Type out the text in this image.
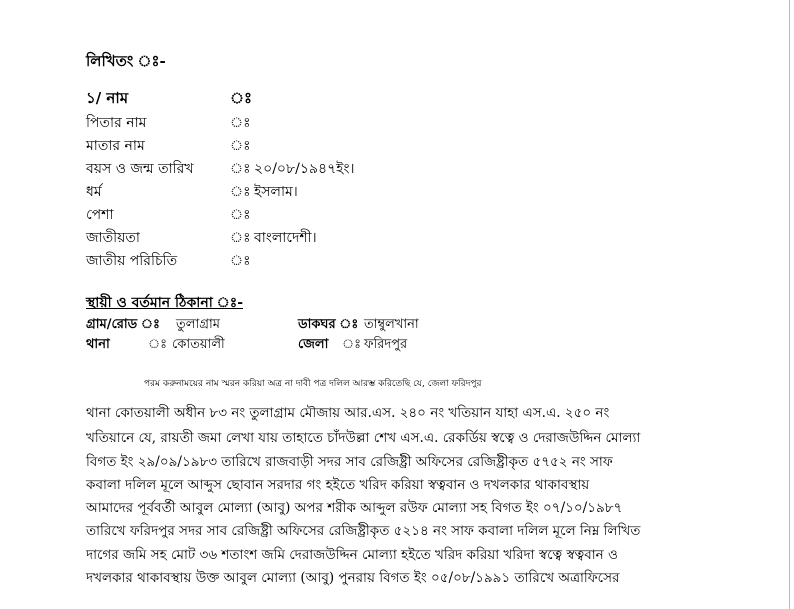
লিখিতং ঃ-
১/ নাম	ঃ
পিতার নাম	ঃ
মাতার নাম	ঃ
বয়স ও জন্ম তারিখ	ঃ ২০/০৮/১৯৪৭ইং।
ধর্ম	ঃ ইসলাম।
পেশা	ঃ
জাতীয়তা	ঃ বাংলাদেশী।
জাতীয় পরিচিতি	ঃ
স্থায়ী ও বর্তমান ঠিকানা ঃ-
গ্রাম/রোড ঃ তুলাগ্রাম	ডাকঘর ঃ তাম্বুলখানা
থানা	ঃ কোতয়ালী	জেলা ঃ ফরিদপুর
পরম করুনাময়ের নাম স্মরন করিয়া অত্র না দাবী পত্র দলিল আরম্ভ করিতেছি যে, জেলা ফরিদপুর
থানা কোতয়ালী অধীন ৮৩ নং তুলাগ্রাম মৌজায় আর.এস. ২৪০ নং খতিয়ান যাহা এস.এ. ২৫০ নং
খতিয়ানে যে, রায়তী জমা লেখা যায় তাহাতে চাঁদউল্লা শেখ এস.এ. রেকর্ডিয় স্বত্বে ও দেরাজউদ্দিন মোল্যা
বিগত ইং ২৯/০৯/১৯৮৩ তারিখে রাজবাড়ী সদর সাব রেজিষ্ট্রী অফিসের রেজিষ্ট্রীকৃত ৫৭৫২ নং সাফ
কবালা দলিল মূলে আব্দুস ছোবান সরদার গং হইতে খরিদ করিয়া স্বত্ববান ও দখলকার থাকাবস্থায়
আমাদের পূর্ববর্তী আবুল মোল্যা (আবু) অপর শরীক আব্দুল রউফ মোল্যা সহ বিগত ইং ০৭/১০/১৯৮৭
তারিখে ফরিদপুর সদর সাব রেজিষ্ট্রী অফিসের রেজিষ্ট্রীকৃত ৫২১৪ নং সাফ কবালা দলিল মূলে নিম্ন লিখিত
দাগের জমি সহ মোট ৩৬ শতাংশ জমি দেরাজউদ্দিন মোল্যা হইতে খরিদ করিয়া খরিদা স্বত্বে স্বত্ববান ও
দখলকার থাকাবস্থায় উক্ত আবুল মোল্যা (আবু) পুনরায় বিগত ইং ০৫/০৮/১৯৯১ তারিখে অত্রাফিসের
